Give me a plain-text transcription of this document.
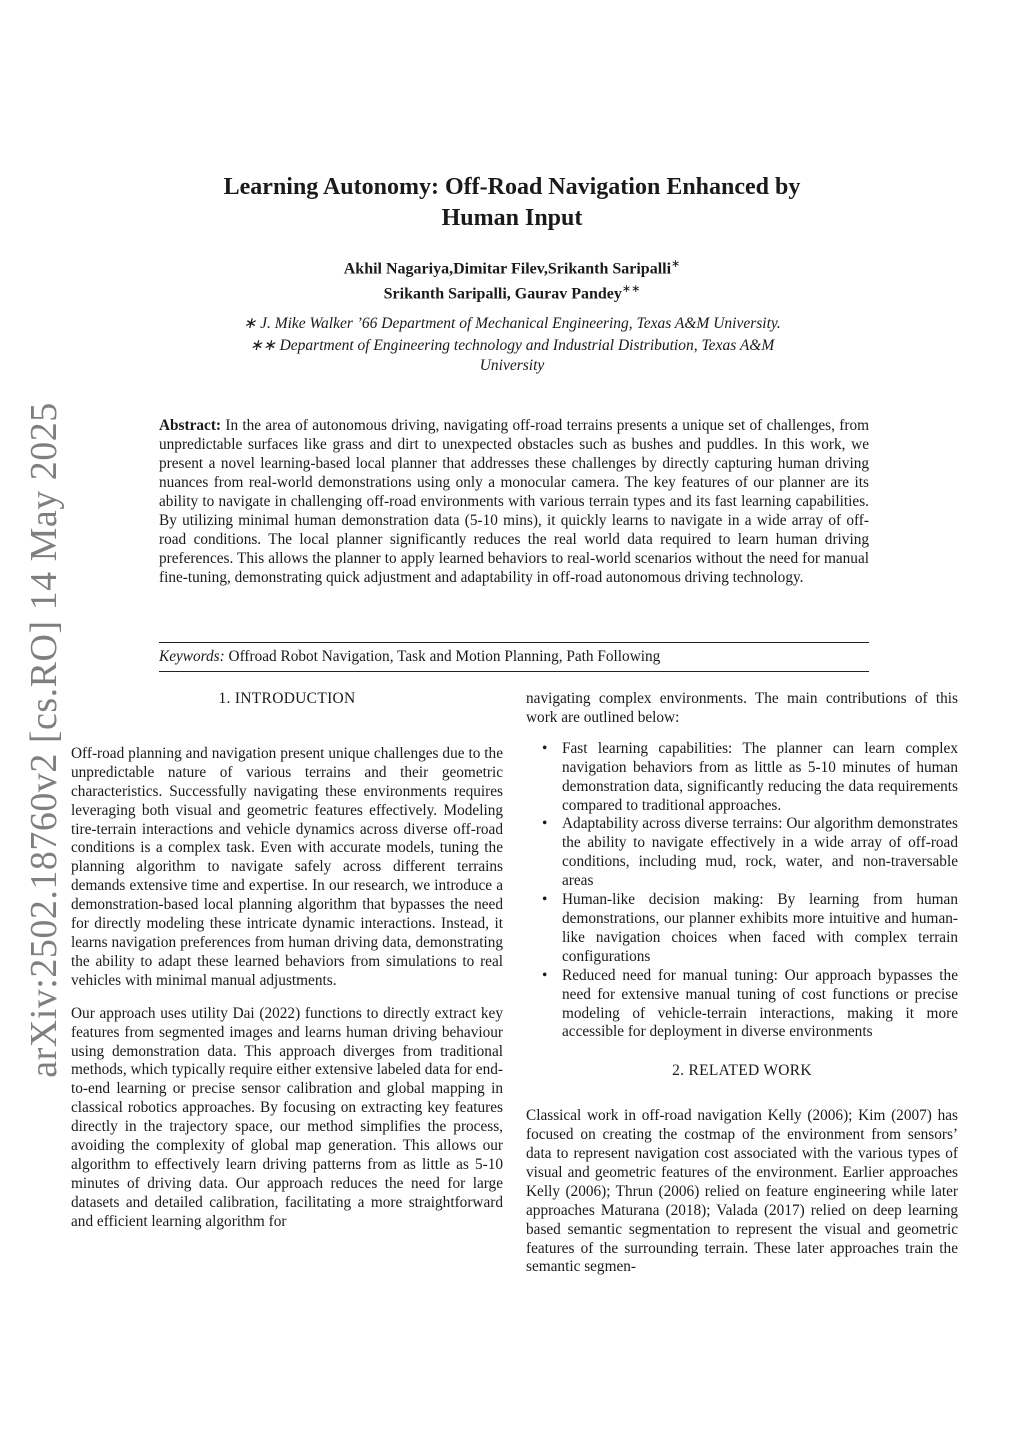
arXiv:2502.18760v2 [cs.RO] 14 May 2025
Learning Autonomy: Off-Road Navigation Enhanced by Human Input
Akhil Nagariya,Dimitar Filev,Srikanth Saripalli∗
Srikanth Saripalli, Gaurav Pandey∗∗
∗ J. Mike Walker ’66 Department of Mechanical Engineering, Texas A&M University.
∗∗ Department of Engineering technology and Industrial Distribution, Texas A&M University
Abstract: In the area of autonomous driving, navigating off-road terrains presents a unique set of challenges, from unpredictable surfaces like grass and dirt to unexpected obstacles such as bushes and puddles. In this work, we present a novel learning-based local planner that addresses these challenges by directly capturing human driving nuances from real-world demonstrations using only a monocular camera. The key features of our planner are its ability to navigate in challenging off-road environments with various terrain types and its fast learning capabilities. By utilizing minimal human demonstration data (5-10 mins), it quickly learns to navigate in a wide array of off-road conditions. The local planner significantly reduces the real world data required to learn human driving preferences. This allows the planner to apply learned behaviors to real-world scenarios without the need for manual fine-tuning, demonstrating quick adjustment and adaptability in off-road autonomous driving technology.
Keywords: Offroad Robot Navigation, Task and Motion Planning, Path Following
1. INTRODUCTION

Off-road planning and navigation present unique challenges due to the unpredictable nature of various terrains and their geometric characteristics. Successfully navigating these environments requires leveraging both visual and geometric features effectively. Modeling tire-terrain interactions and vehicle dynamics across diverse off-road conditions is a complex task. Even with accurate models, tuning the planning algorithm to navigate safely across different terrains demands extensive time and expertise. In our research, we introduce a demonstration-based local planning algorithm that bypasses the need for directly modeling these intricate dynamic interactions. Instead, it learns navigation preferences from human driving data, demonstrating the ability to adapt these learned behaviors from simulations to real vehicles with minimal manual adjustments.

Our approach uses utility Dai (2022) functions to directly extract key features from segmented images and learns human driving behaviour using demonstration data. This approach diverges from traditional methods, which typically require either extensive labeled data for end-to-end learning or precise sensor calibration and global mapping in classical robotics approaches. By focusing on extracting key features directly in the trajectory space, our method simplifies the process, avoiding the complexity of global map generation. This allows our algorithm to effectively learn driving patterns from as little as 5-10 minutes of driving data. Our approach reduces the need for large datasets and detailed calibration, facilitating a more straightforward and efficient learning algorithm for

navigating complex environments. The main contributions of this work are outlined below:

• Fast learning capabilities: The planner can learn complex navigation behaviors from as little as 5-10 minutes of human demonstration data, significantly reducing the data requirements compared to traditional approaches.
• Adaptability across diverse terrains: Our algorithm demonstrates the ability to navigate effectively in a wide array of off-road conditions, including mud, rock, water, and non-traversable areas
• Human-like decision making: By learning from human demonstrations, our planner exhibits more intuitive and human-like navigation choices when faced with complex terrain configurations
• Reduced need for manual tuning: Our approach bypasses the need for extensive manual tuning of cost functions or precise modeling of vehicle-terrain interactions, making it more accessible for deployment in diverse environments
2. RELATED WORK

Classical work in off-road navigation Kelly (2006); Kim (2007) has focused on creating the costmap of the environment from sensors’ data to represent navigation cost associated with the various types of visual and geometric features of the environment. Earlier approaches Kelly (2006); Thrun (2006) relied on feature engineering while later approaches Maturana (2018); Valada (2017) relied on deep learning based semantic segmentation to represent the visual and geometric features of the surrounding terrain. These later approaches train the semantic segmen-
